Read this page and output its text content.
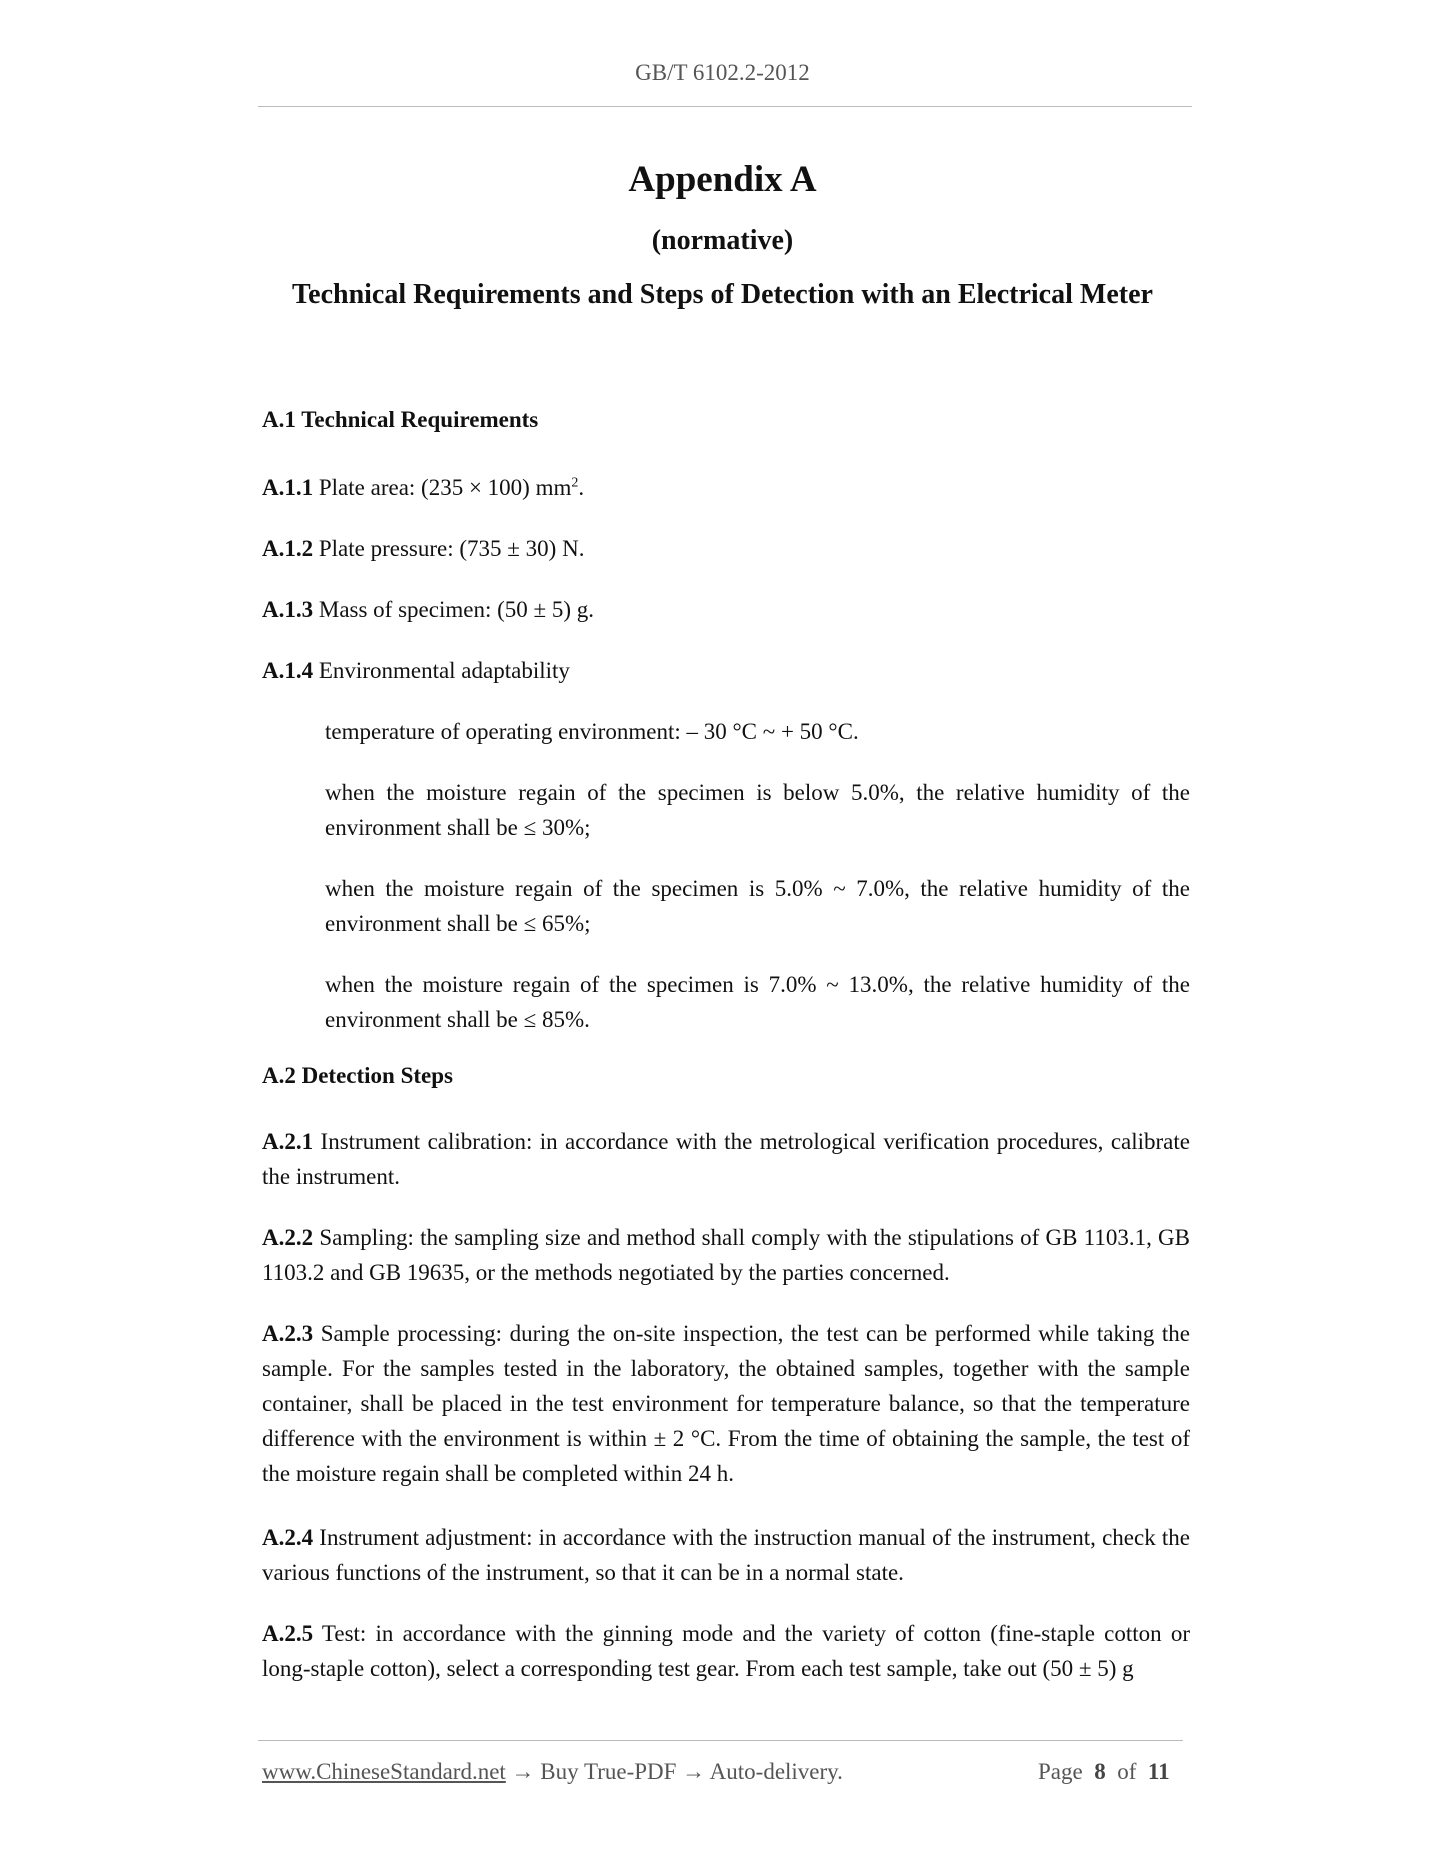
GB/T 6102.2-2012
Appendix A
(normative)
Technical Requirements and Steps of Detection with an Electrical Meter
A.1 Technical Requirements
A.1.1 Plate area: (235 × 100) $mm^2$.
A.1.2 Plate pressure: (735 ± 30) N.
A.1.3 Mass of specimen: (50 ± 5) g.
A.1.4 Environmental adaptability
temperature of operating environment: – 30 °C ~ + 50 °C.
when the moisture regain of the specimen is below 5.0%, the relative humidity of the environment shall be ≤ 30%;
when the moisture regain of the specimen is 5.0% ~ 7.0%, the relative humidity of the environment shall be ≤ 65%;
when the moisture regain of the specimen is 7.0% ~ 13.0%, the relative humidity of the environment shall be ≤ 85%.
A.2 Detection Steps
A.2.1 Instrument calibration: in accordance with the metrological verification procedures, calibrate the instrument.
A.2.2 Sampling: the sampling size and method shall comply with the stipulations of GB 1103.1, GB 1103.2 and GB 19635, or the methods negotiated by the parties concerned.
A.2.3 Sample processing: during the on-site inspection, the test can be performed while taking the sample. For the samples tested in the laboratory, the obtained samples, together with the sample container, shall be placed in the test environment for temperature balance, so that the temperature difference with the environment is within ± 2 °C. From the time of obtaining the sample, the test of the moisture regain shall be completed within 24 h.
A.2.4 Instrument adjustment: in accordance with the instruction manual of the instrument, check the various functions of the instrument, so that it can be in a normal state.
A.2.5 Test: in accordance with the ginning mode and the variety of cotton (fine-staple cotton or long-staple cotton), select a corresponding test gear. From each test sample, take out (50 ± 5) g
www.ChineseStandard.net → Buy True-PDF → Auto-delivery.	Page 8 of 11
